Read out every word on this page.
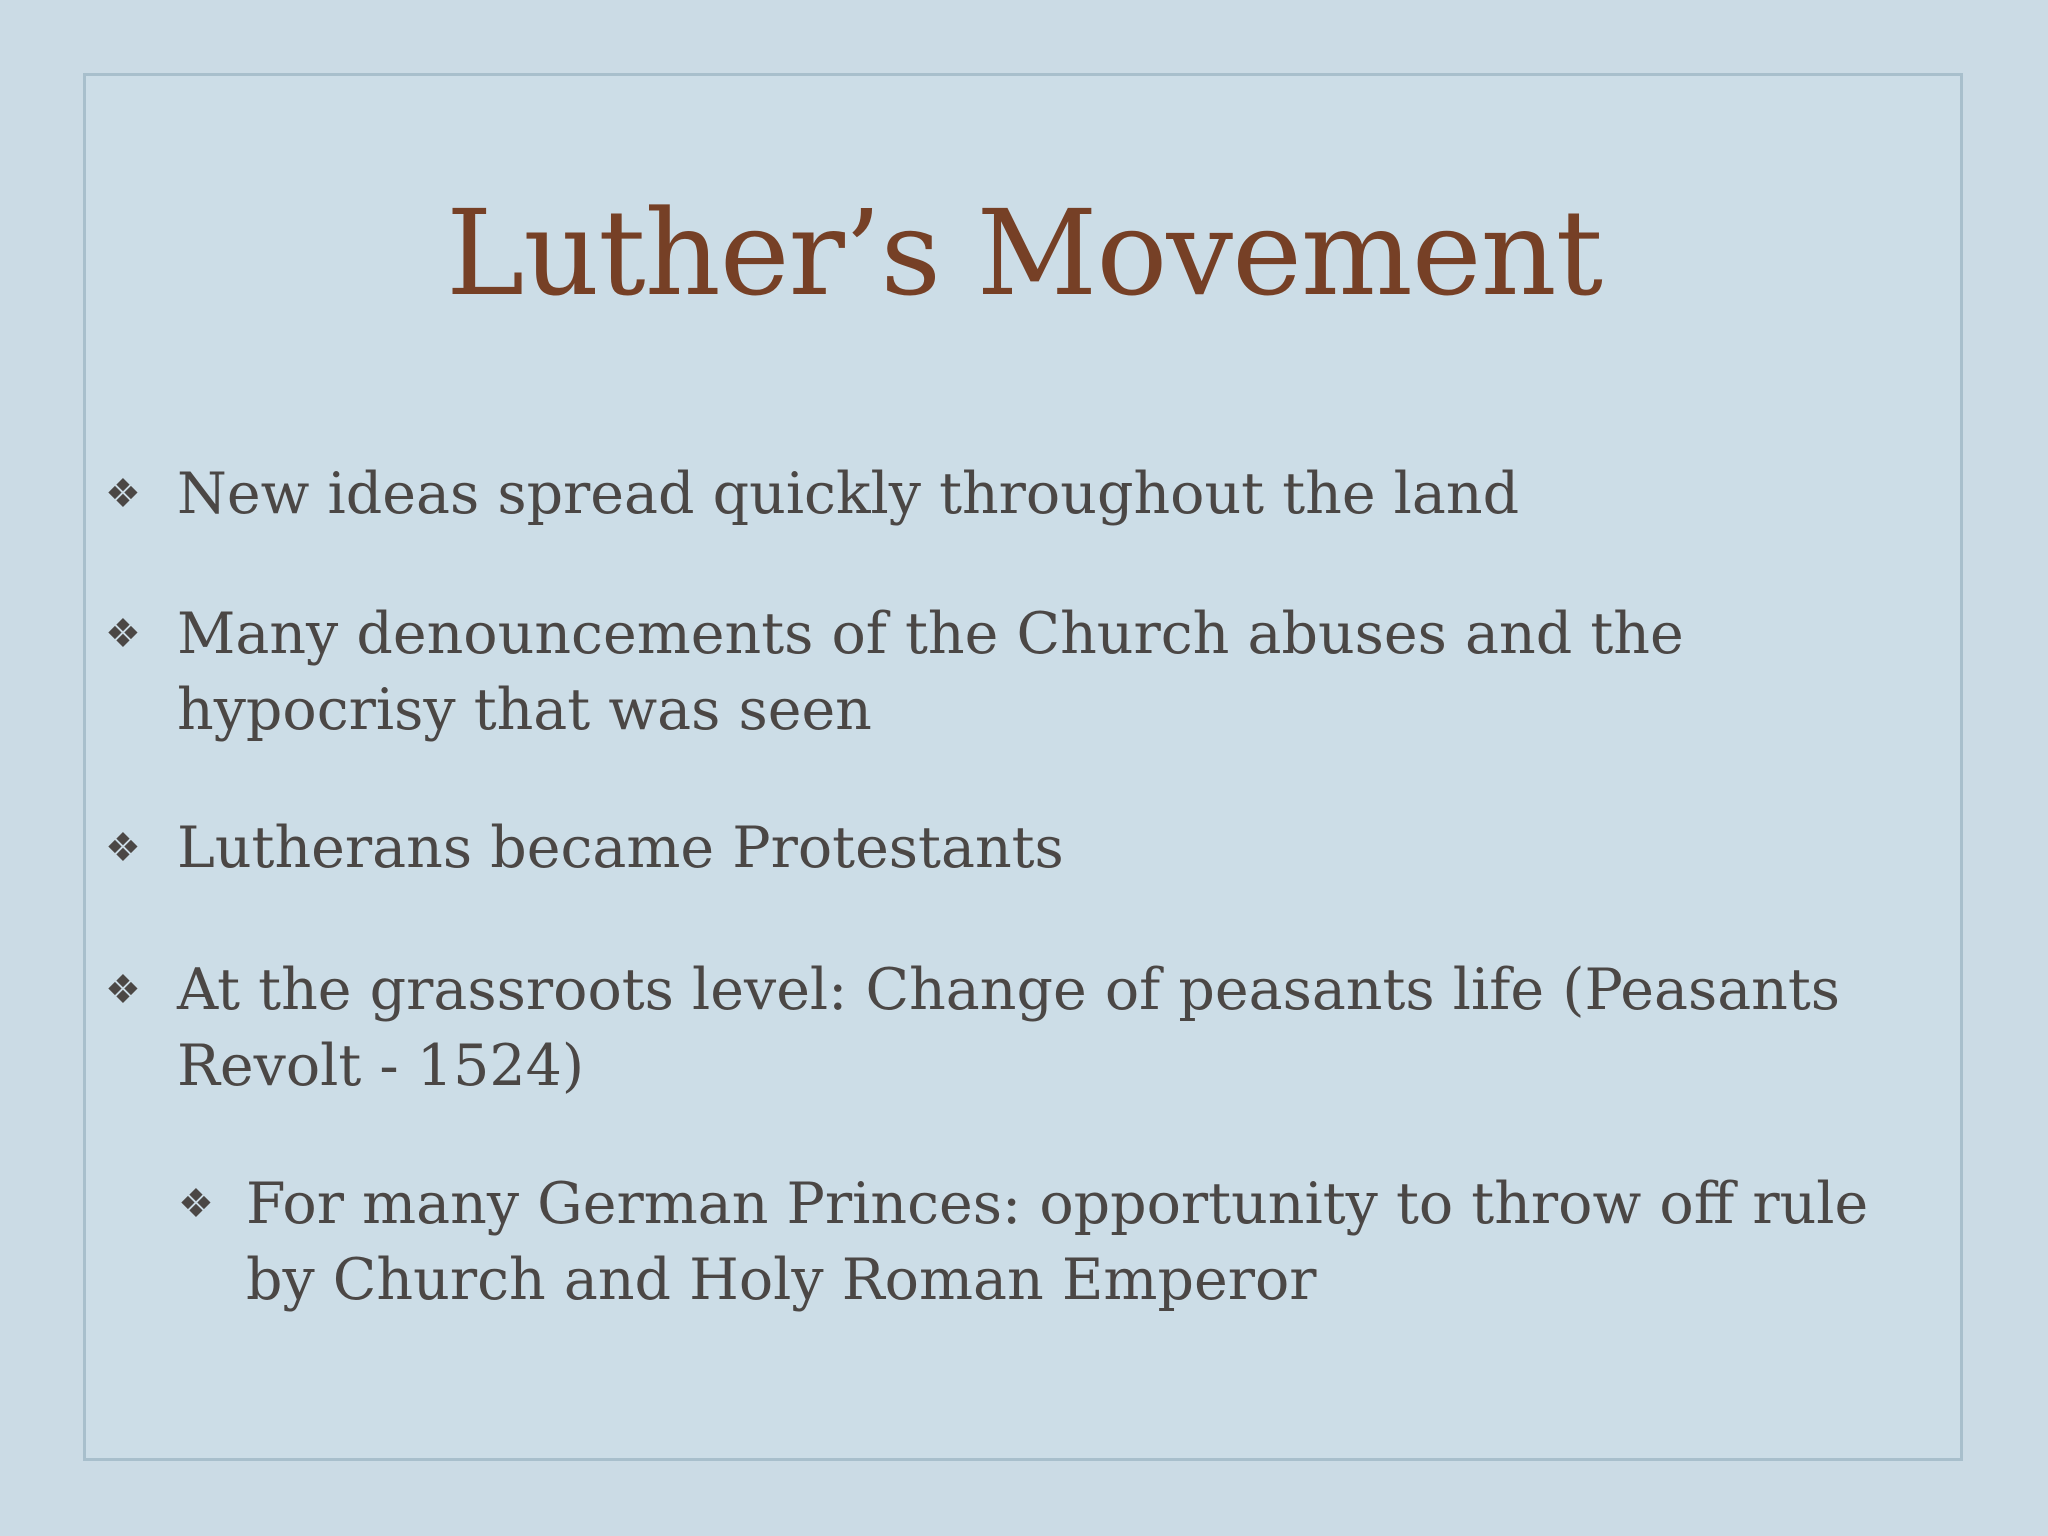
Luther’s Movement
❖ New ideas spread quickly throughout the land
❖ Many denouncements of the Church abuses and the hypocrisy that was seen
❖ Lutherans became Protestants
❖ At the grassroots level: Change of peasants life (Peasants Revolt - 1524)
❖ For many German Princes: opportunity to throw off rule by Church and Holy Roman Emperor
